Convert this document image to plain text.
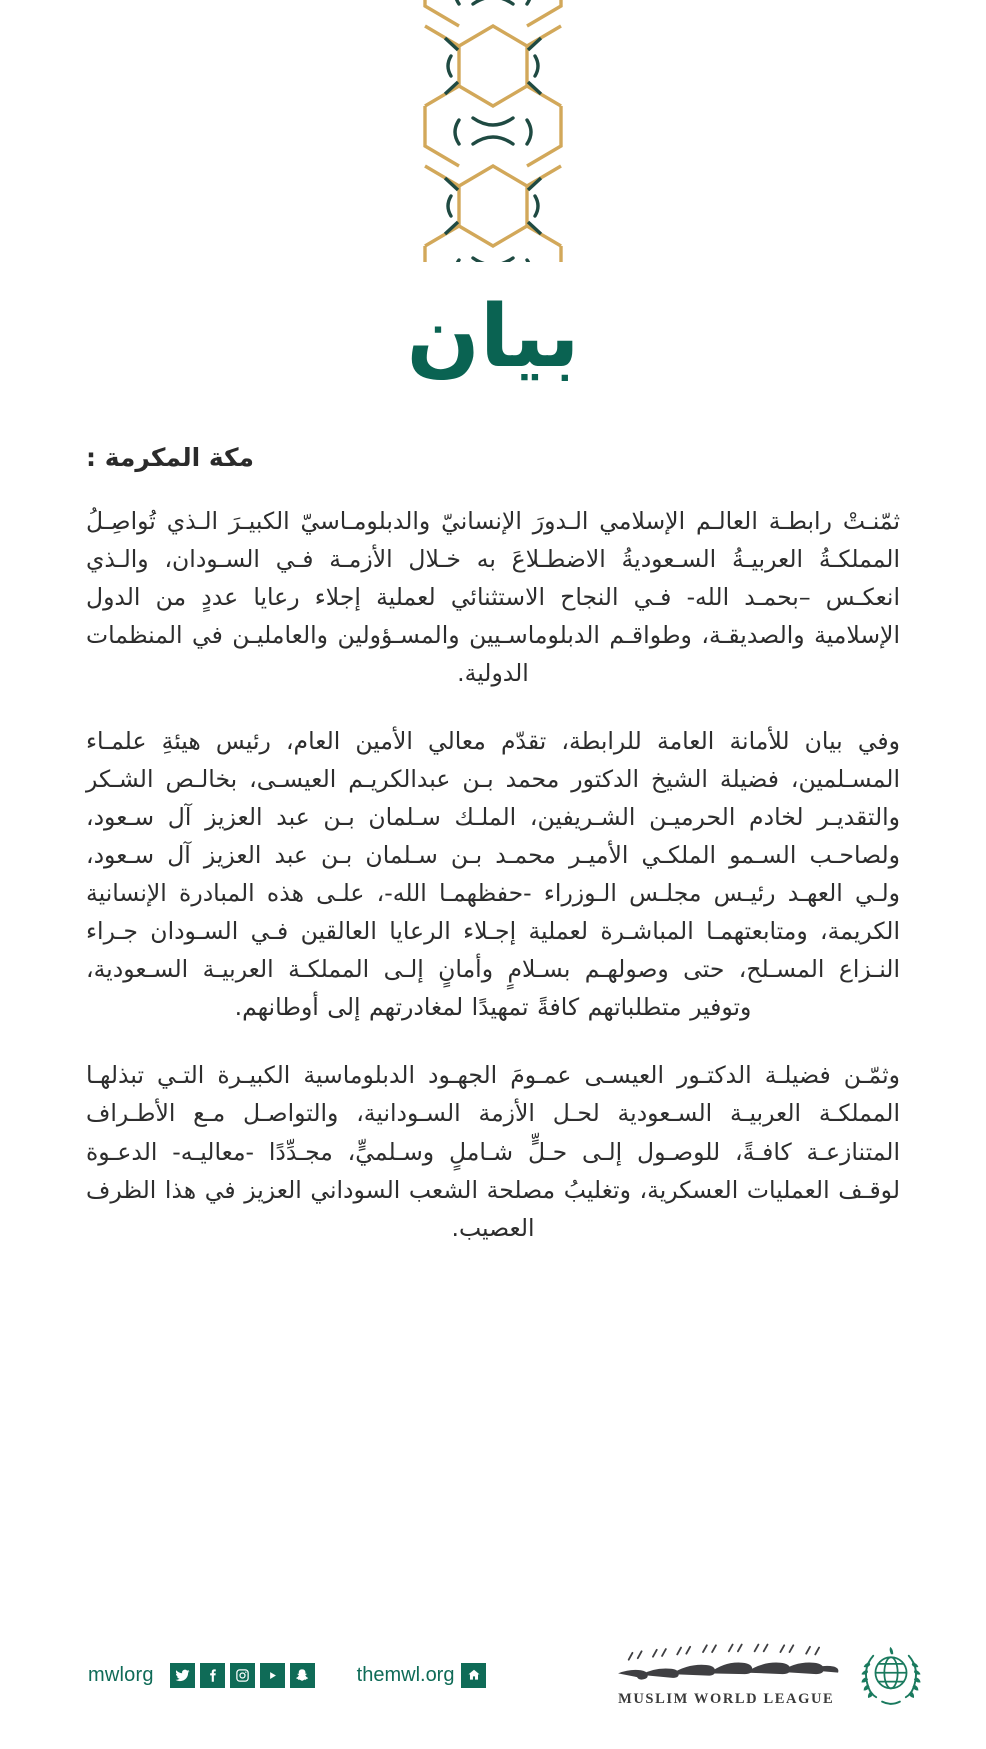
بيان
مكة المكرمة :

ثمّنـتْ رابطـة العالـم الإسلامي الـدورَ الإنسانيّ والدبلومـاسيّ الكبيـرَ الـذي تُواصِـلُ المملكـةُ العربيـةُ السـعوديةُ الاضطـلاعَ به خـلال الأزمـة فـي السـودان، والـذي انعكـس –بحمـد الله- فـي النجاح الاستثنائي لعملية إجلاء رعايا عددٍ من الدول الإسلامية والصديقـة، وطواقـم الدبلوماسـيين والمسـؤولين والعامليـن في المنظمات الدولية.

وفي بيان للأمانة العامة للرابطة، تقدّم معالي الأمين العام، رئيس هيئةِ علمـاء المسـلمين، فضيلة الشيخ الدكتور محمد بـن عبدالكريـم العيسـى، بخالـص الشـكر والتقديـر لخادم الحرميـن الشـريفين، الملـك سـلمان بـن عبد العزيز آل سـعود، ولصاحـب السـمو الملكـي الأميـر محمـد بـن سـلمان بـن عبد العزيز آل سـعود، ولـي العهـد رئيـس مجلـس الـوزراء -حفظهمـا الله-، علـى هذه المبادرة الإنسانية الكريمة، ومتابعتهمـا المباشـرة لعملية إجـلاء الرعايا العالقين فـي السـودان جـراء النـزاع المسـلح، حتى وصولهـم بسـلامٍ وأمانٍ إلـى المملكـة العربيـة السـعودية، وتوفير متطلباتهم كافةً تمهيدًا لمغادرتهم إلى أوطانهم.

وثمّـن فضيلـة الدكتـور العيسـى عمـومَ الجهـود الدبلوماسية الكبيـرة التـي تبذلهـا المملكـة العربيـة السـعودية لحـل الأزمة السـودانية، والتواصـل مـع الأطـراف المتنازعـة كافـةً، للوصـول إلـى حـلٍّ شـاملٍ وسـلميٍّ، مجـدِّدًا -معاليـه- الدعـوة لوقـف العمليات العسكرية، وتغليبُ مصلحة الشعب السوداني العزيز في هذا الظرف العصيب.

mwlorg	themwl.org
MUSLIM WORLD LEAGUE
